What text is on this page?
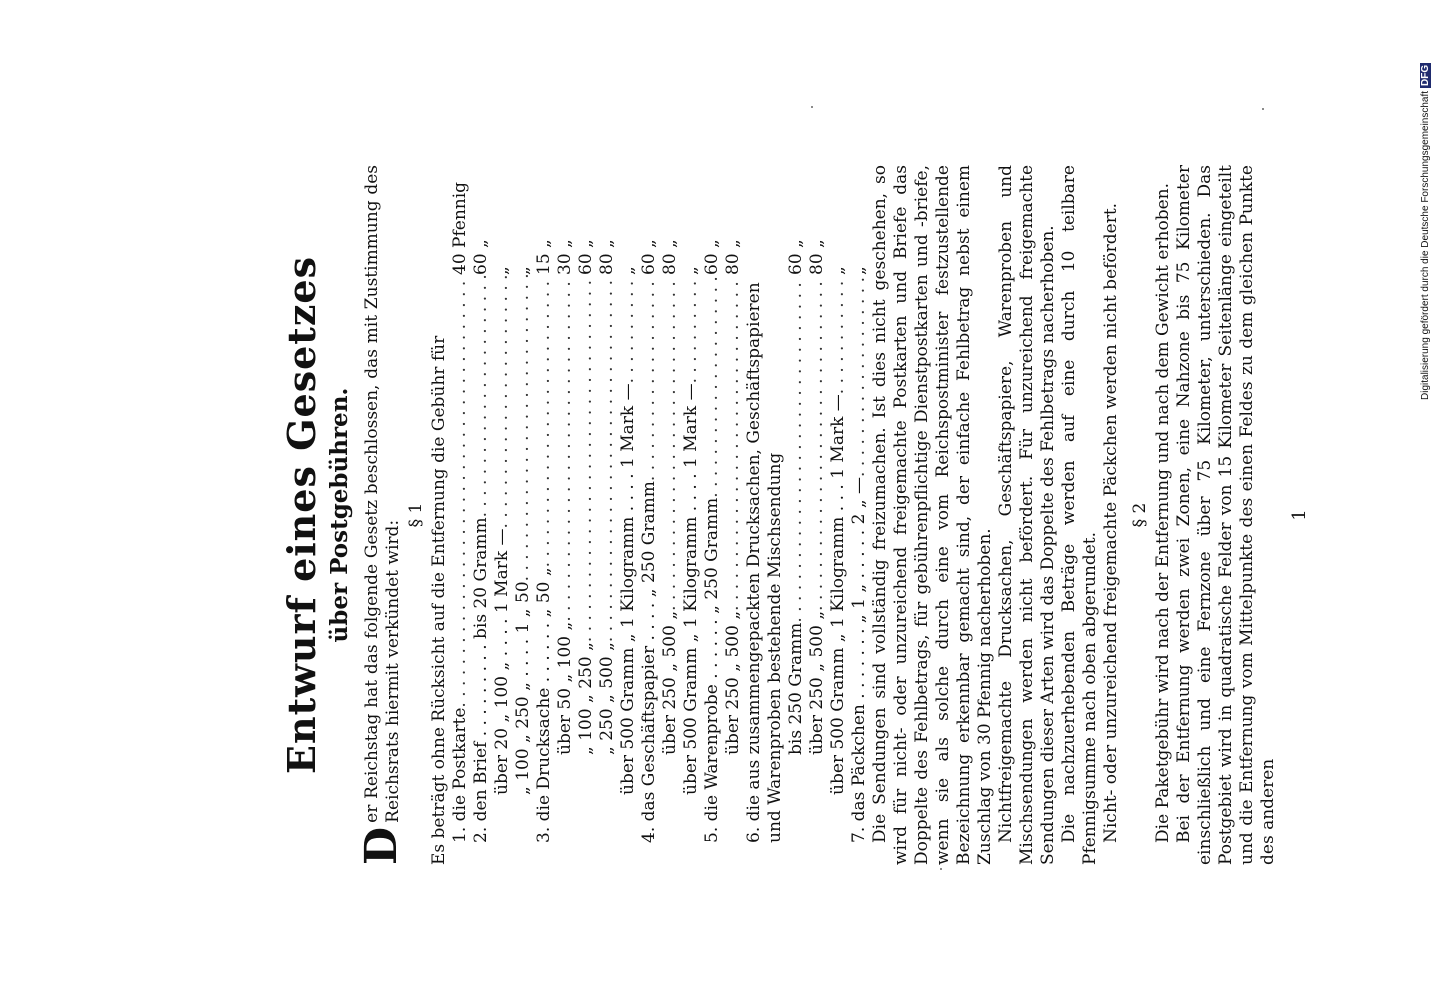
Entwurf eines Gesetzes über Postgebühren.

D
er Reichstag hat das folgende Gesetz beschlossen, das mit Zustimmung des Reichsrats hiermit verkündet wird:

§ 1 Es beträgt ohne Rücksicht auf die Entfernung die Gebühr für 1. die Postkarte
. . .
40 Pfennig
2. den Brief . . . . . . . . . bis 20 Gramm
. . .
60 „
über 20 „ 100 „ . . . . 1 Mark —
. . .
„
„ 100 „ 250 „ . . . . 1 „ 50
. . .
„
3. die Drucksache . . . . . . „ 50 „
. . .
15 „
über 50 „ 100 „
. . .
30 „
„ 100 „ 250 „
. . .
60 „
„ 250 „ 500 „
. . .
80 „
über 500 Gramm „ 1 Kilogramm . . . . 1 Mark —
. . .
„
4. das Geschäftspapier . . . . „ 250 Gramm
. . .
60 „
über 250 „ 500 „
. . .
80 „
über 500 Gramm „ 1 Kilogramm . . . . 1 Mark —
. . .
„
5. die Warenprobe . . . . . . „ 250 Gramm
. . .
60 „
über 250 „ 500 „
. . .
80 „

6. die aus zusammengepackten Drucksachen, Geschäftspapieren und Warenproben bestehende Mischsendung bis 250 Gramm
. . .
60 „
über 250 „ 500 „
. . .
80 „
über 500 Gramm „ 1 Kilogramm . . . 1 Mark —
. . .
„
7. das Päckchen . . . . . . . „ 1 „ . . . . . 2 „ —
. . .
„ Die Sendungen sind vollständig freizumachen. Ist dies nicht geschehen, so wird für nicht- oder unzureichend freigemachte Postkarten und Briefe das Doppelte des Fehlbetrags, für gebührenpflichtige Dienstpostkarten und -briefe, wenn sie als solche durch eine vom Reichspostminister festzustellende Bezeichnung erkennbar gemacht sind, der einfache Fehlbetrag nebst einem Zuschlag von 30 Pfennig nacherhoben. Nichtfreigemachte Drucksachen, Geschäftspapiere, Warenproben und Mischsendungen werden nicht befördert. Für unzureichend freigemachte Sendungen dieser Arten wird das Doppelte des Fehlbetrags nacherhoben. Die nachzuerhebenden Beträge werden auf eine durch 10 teilbare Pfennigsumme nach oben abgerundet. Nicht- oder unzureichend freigemachte Päckchen werden nicht befördert. § 2 Die Paketgebühr wird nach der Entfernung und nach dem Gewicht erhoben. Bei der Entfernung werden zwei Zonen, eine Nahzone bis 75 Kilometer einschließlich und eine Fernzone über 75 Kilometer, unterschieden. Das Postgebiet wird in quadratische Felder von 15 Kilometer Seitenlänge eingeteilt und die Entfernung vom Mittelpunkte des einen Feldes zu dem gleichen Punkte des anderen

1
Digitalisierung gefördert durch die Deutsche ForschungsgemeinschaftDFG
